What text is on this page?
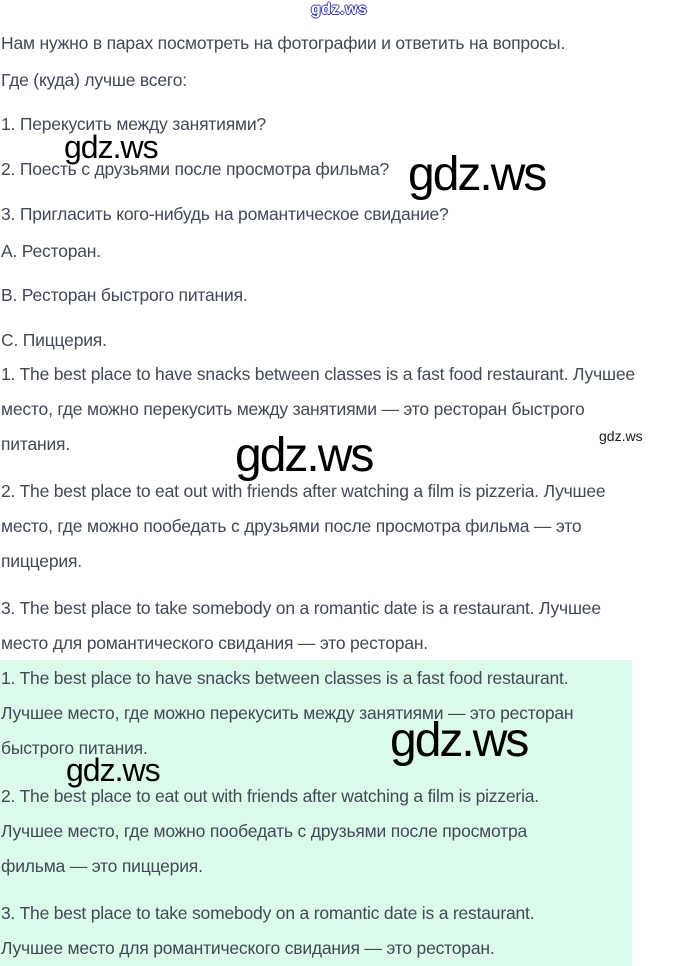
gdz.ws
Нам нужно в парах посмотреть на фотографии и ответить на вопросы.
Где (куда) лучше всего:
1. Перекусить между занятиями?
2. Поесть с друзьями после просмотра фильма?
3. Пригласить кого-нибудь на романтическое свидание?
А. Ресторан.
В. Ресторан быстрого питания.
С. Пиццерия.
1. The best place to have snacks between classes is a fast food restaurant. Лучшее
место, где можно перекусить между занятиями — это ресторан быстрого
питания.
2. The best place to eat out with friends after watching a film is pizzeria. Лучшее
место, где можно пообедать с друзьями после просмотра фильма — это
пиццерия.
3. The best place to take somebody on a romantic date is a restaurant. Лучшее
место для романтического свидания — это ресторан.
1. The best place to have snacks between classes is a fast food restaurant.
Лучшее место, где можно перекусить между занятиями — это ресторан
быстрого питания.
2. The best place to eat out with friends after watching a film is pizzeria.
Лучшее место, где можно пообедать с друзьями после просмотра
фильма — это пиццерия.
3. The best place to take somebody on a romantic date is a restaurant.
Лучшее место для романтического свидания — это ресторан.
gdz.ws
gdz.ws
gdz.ws	gdz.ws
gdz.ws
gdz.ws
